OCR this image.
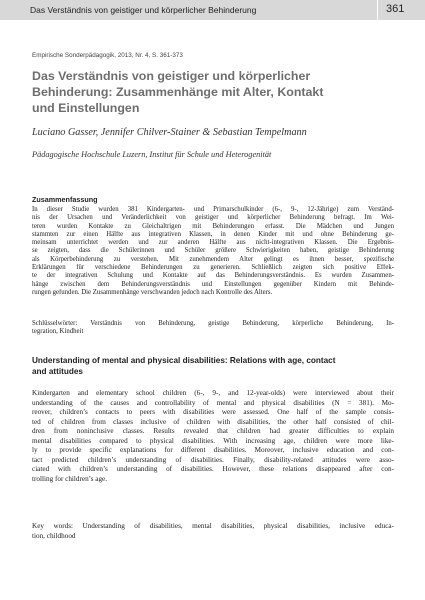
Das Verständnis von geistiger und körperlicher Behinderung	361
Empirische Sonderpädagogik, 2013, Nr. 4, S. 361-373
Das Verständnis von geistiger und körperlicher
Behinderung: Zusammenhänge mit Alter, Kontakt
und Einstellungen
Luciano Gasser, Jennifer Chilver-Stainer & Sebastian Tempelmann
Pädagogische Hochschule Luzern, Institut für Schule und Heterogenität
Zusammenfassung
In dieser Studie wurden 381 Kindergarten- und Primarschulkinder (6-, 9-, 12-Jährige) zum Verständ-
nis der Ursachen und Veränderlichkeit von geistiger und körperlicher Behinderung befragt. Im Wei-
teren wurden Kontakte zu Gleichaltrigen mit Behinderungen erfasst. Die Mädchen und Jungen
stammten zur einen Hälfte aus integrativen Klassen, in denen Kinder mit und ohne Behinderung ge-
meinsam unterrichtet werden und zur anderen Hälfte aus nicht-integrativen Klassen. Die Ergebnis-
se zeigten, dass die Schülerinnen und Schüler größere Schwierigkeiten haben, geistige Behinderung
als Körperbehinderung zu verstehen. Mit zunehmendem Alter gelingt es ihnen besser, spezifische
Erklärungen für verschiedene Behinderungen zu generieren. Schließlich zeigten sich positive Effek-
te der integrativen Schulung und Kontakte auf das Behinderungsverständnis. Es wurden Zusammen-
hänge zwischen dem Behinderungsverständnis und Einstellungen gegenüber Kindern mit Behinde-
rungen gefunden. Die Zusammenhänge verschwanden jedoch nach Kontrolle des Alters.
Schlüsselwörter: Verständnis von Behinderung, geistige Behinderung, körperliche Behinderung, In-
tegration, Kindheit
Understanding of mental and physical disabilities: Relations with age, contact
and attitudes
Kindergarten and elementary school children (6-, 9-, and 12-year-olds) were interviewed about their
understanding of the causes and controllability of mental and physical disabilities (N = 381). Mo-
reover, children’s contacts to peers with disabilities were assessed. One half of the sample consis-
ted of children from classes inclusive of children with disabilities, the other half consisted of chil-
dren from noninclusive classes. Results revealed that children had greater difficulties to explain
mental disabilities compared to physical disabilities. With increasing age, children were more like-
ly to provide specific explanations for different disabilities. Moreover, inclusive education and con-
tact predicted children’s understanding of disabilities. Finally, disability-related attitudes were asso-
ciated with children’s understanding of disabilities. However, these relations disappeared after con-
trolling for children’s age.
Key words: Understanding of disabilities, mental disabilities, physical disabilities, inclusive educa-
tion, childhood
